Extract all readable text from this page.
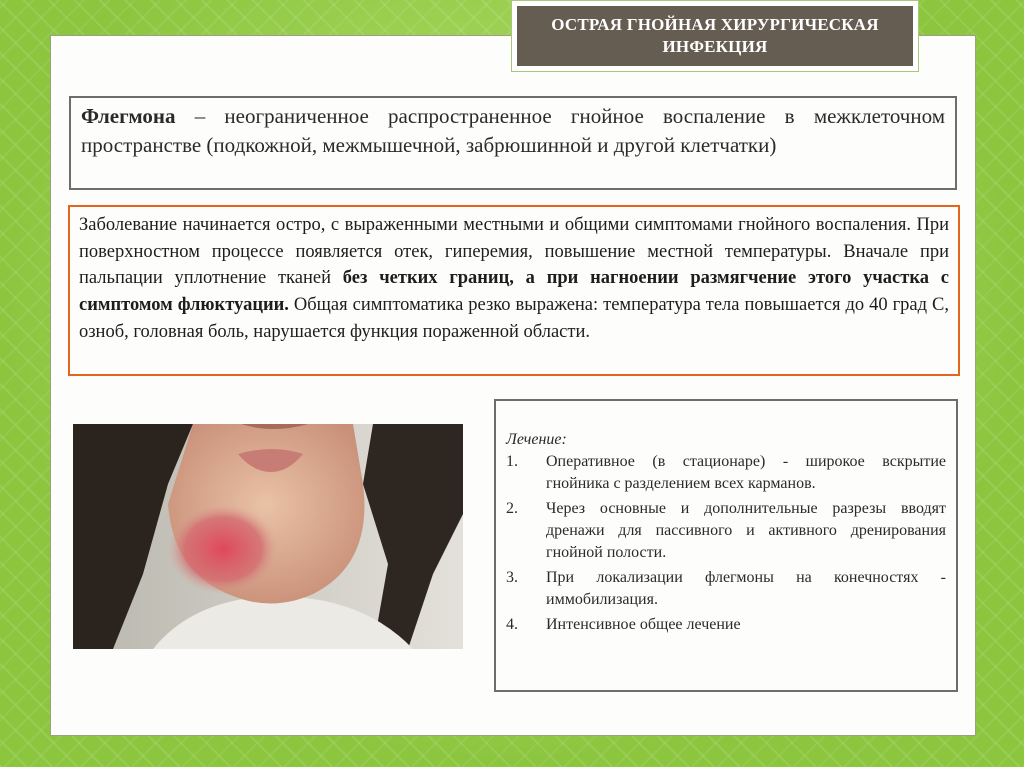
ОСТРАЯ ГНОЙНАЯ ХИРУРГИЧЕСКАЯ
ИНФЕКЦИЯ
Флегмона – неограниченное распространенное гнойное воспаление в межклеточном пространстве (подкожной, межмышечной, забрюшинной и другой клетчатки)
Заболевание начинается остро, с выраженными местными и общими симптомами гнойного воспаления. При поверхностном процессе появляется отек, гиперемия, повышение местной температуры. Вначале при пальпации уплотнение тканей без четких границ, а при нагноении размягчение этого участка с симптомом флюктуации. Общая симптоматика резко выражена: температура тела повышается до 40 град С, озноб, головная боль, нарушается функция пораженной области.
Лечение:
1.	Оперативное (в стационаре) - широкое вскрытие гнойника с разделением всех карманов.
2.	Через основные и дополнительные разрезы вводят дренажи для пассивного и активного дренирования гнойной полости.
3.	При локализации флегмоны на конечностях - иммобилизация.
4.	Интенсивное общее лечение
